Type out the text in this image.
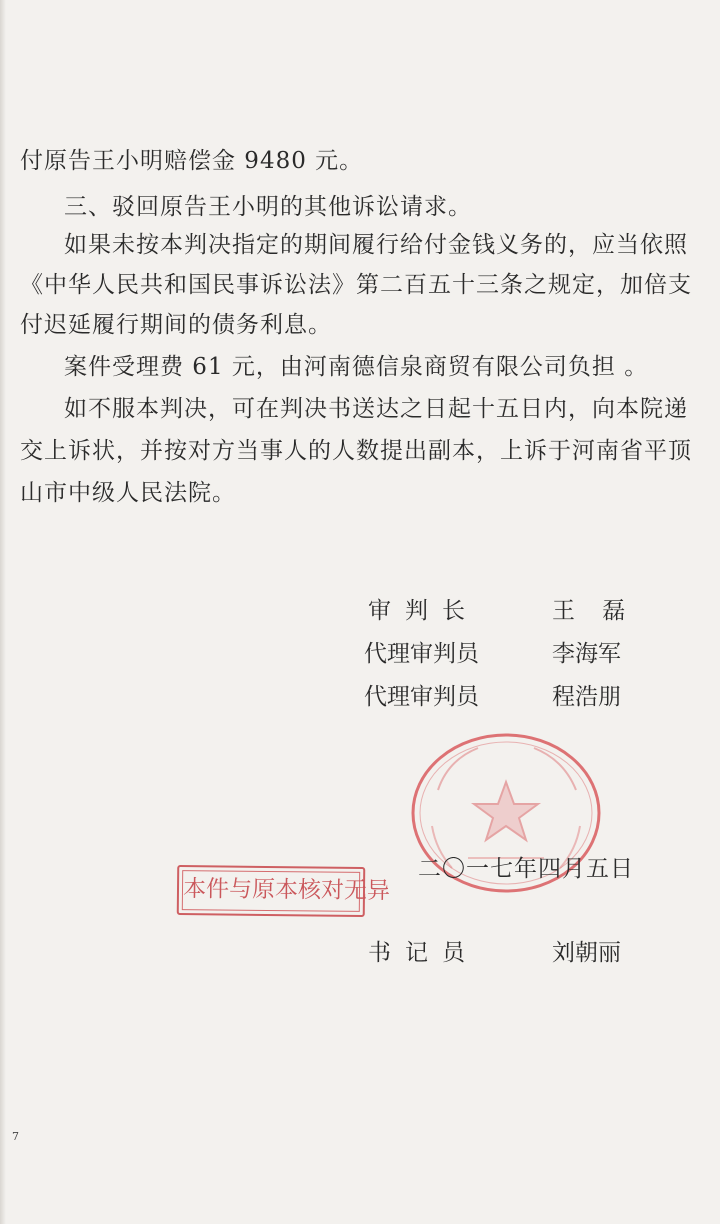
付原告王小明赔偿金 9480 元。
三、驳回原告王小明的其他诉讼请求。
如果未按本判决指定的期间履行给付金钱义务的，应当依照
《中华人民共和国民事诉讼法》第二百五十三条之规定，加倍支
付迟延履行期间的债务利息。
案件受理费 61 元，由河南德信泉商贸有限公司负担 。
如不服本判决，可在判决书送达之日起十五日内，向本院递
交上诉状，并按对方当事人的人数提出副本，上诉于河南省平顶
山市中级人民法院。
审判长	王 磊
代理审判员	李海军
代理审判员	程浩朋
二〇一七年四月五日
本件与原本核对无异
书记员	刘朝丽
7
